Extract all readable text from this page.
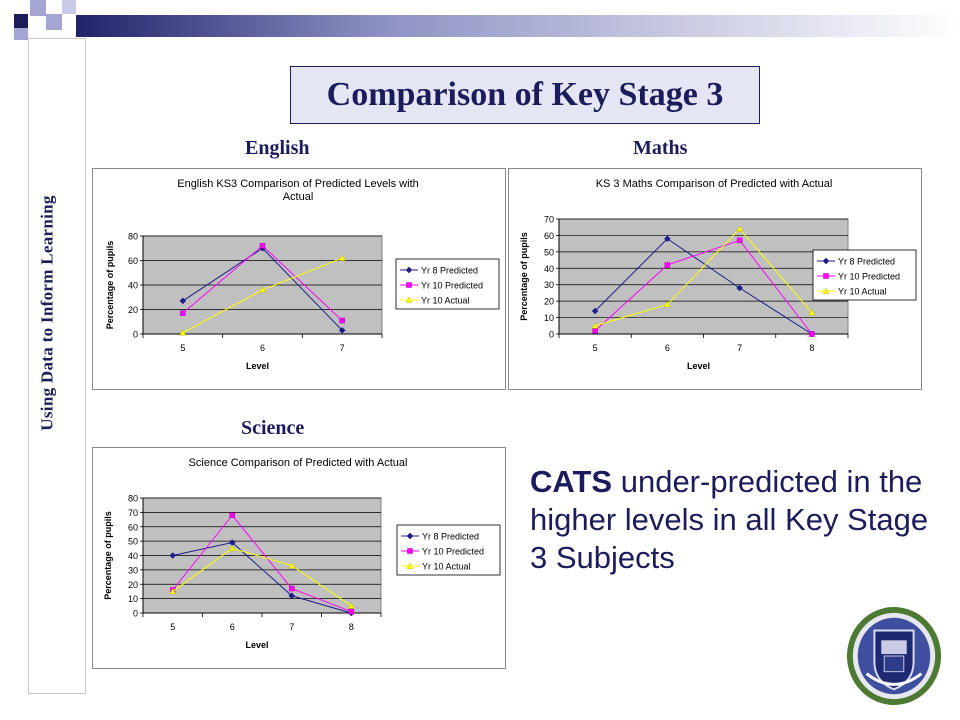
Using Data to Inform Learning
Comparison of Key Stage 3
English	Maths
Science
English KS3 Comparison of Predicted Levels with
Actual
0
20
40
60
80
5	6	7
Level
Percentage of pupils	Yr 8 Predicted
Yr 10 Predicted
Yr 10 Actual
KS 3 Maths Comparison of Predicted with Actual
0
10
20
30
40
50
60
70
5	6	7	8
Level
Percentage of pupils	Yr 8 Predicted
Yr 10 Predicted
Yr 10 Actual
Science Comparison of Predicted with Actual
0
10
20
30
40
50
60
70
80
5	6	7	8
Level
Percentage of pupils	Yr 8 Predicted
Yr 10 Predicted
Yr 10 Actual
CATS under-predicted in the higher levels in all Key Stage 3 Subjects
